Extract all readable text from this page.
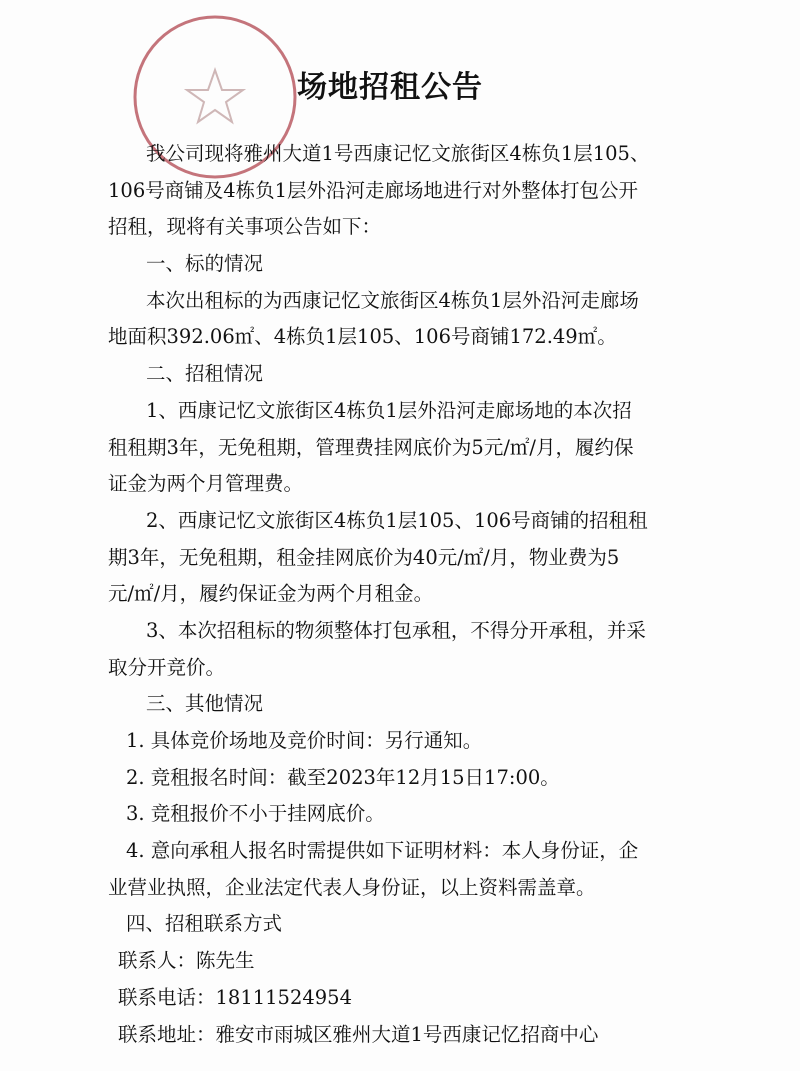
场地招租公告
我公司现将雅州大道1号西康记忆文旅街区4栋负1层105、
106号商铺及4栋负1层外沿河走廊场地进行对外整体打包公开
招租，现将有关事项公告如下：
一、标的情况
本次出租标的为西康记忆文旅街区4栋负1层外沿河走廊场
地面积392.06㎡、4栋负1层105、106号商铺172.49㎡。
二、招租情况
1、西康记忆文旅街区4栋负1层外沿河走廊场地的本次招
租租期3年，无免租期，管理费挂网底价为5元/㎡/月，履约保
证金为两个月管理费。
2、西康记忆文旅街区4栋负1层105、106号商铺的招租租
期3年，无免租期，租金挂网底价为40元/㎡/月，物业费为5
元/㎡/月，履约保证金为两个月租金。
3、本次招租标的物须整体打包承租，不得分开承租，并采
取分开竞价。
三、其他情况
1. 具体竞价场地及竞价时间：另行通知。
2. 竞租报名时间：截至2023年12月15日17:00。
3. 竞租报价不小于挂网底价。
4. 意向承租人报名时需提供如下证明材料：本人身份证，企
业营业执照，企业法定代表人身份证，以上资料需盖章。
四、招租联系方式
联系人：陈先生
联系电话：18111524954
联系地址：雅安市雨城区雅州大道1号西康记忆招商中心
